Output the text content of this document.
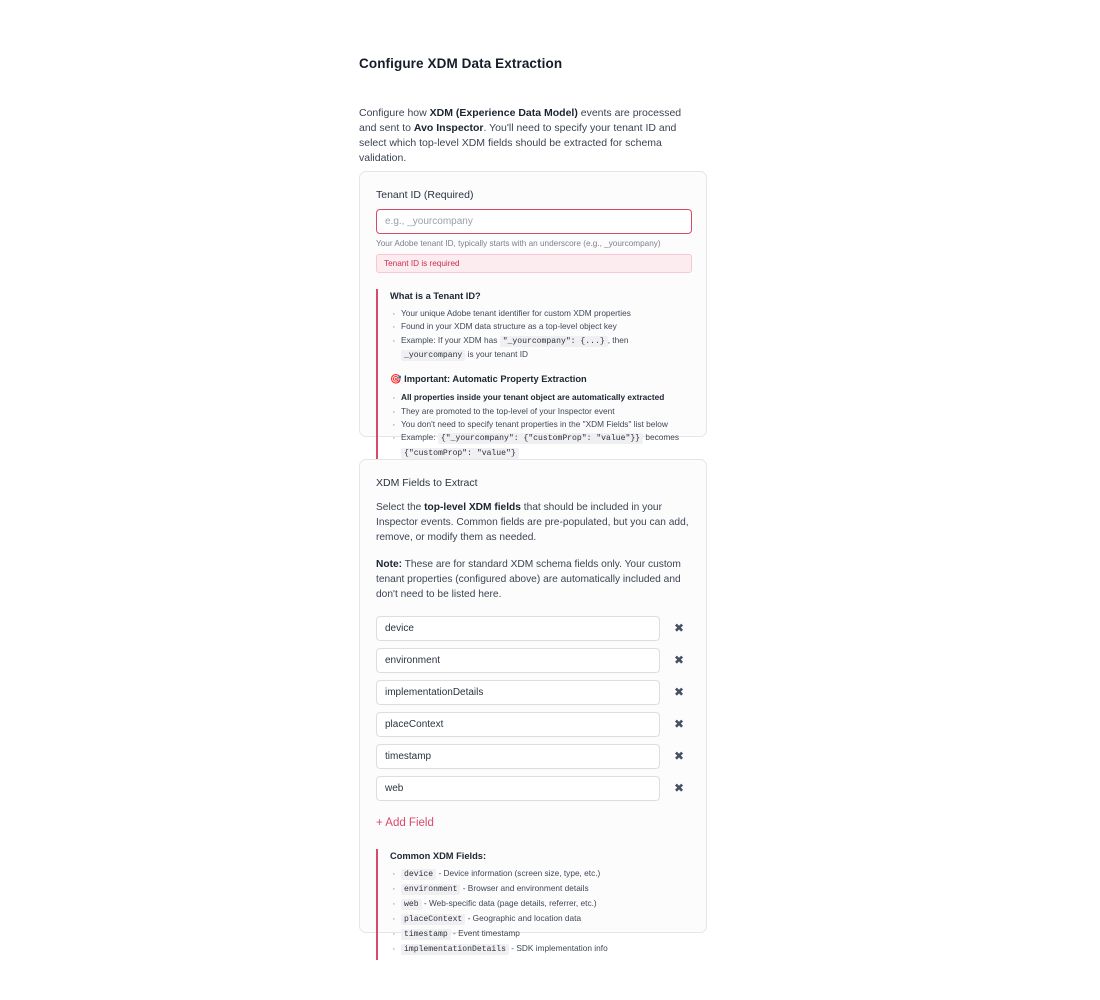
Configure XDM Data Extraction

Configure how XDM (Experience Data Model) events are processed and sent to Avo Inspector. You'll need to specify your tenant ID and select which top-level XDM fields should be extracted for schema validation.

Tenant ID (Required)
e.g., _yourcompany
Your Adobe tenant ID, typically starts with an underscore (e.g., _yourcompany)
Tenant ID is required
What is a Tenant ID?
· Your unique Adobe tenant identifier for custom XDM properties
· Found in your XDM data structure as a top-level object key
· Example: If your XDM has "_yourcompany": {...} , then _yourcompany is your tenant ID
🎯 Important: Automatic Property Extraction
· All properties inside your tenant object are automatically extracted
· They are promoted to the top-level of your Inspector event
· You don't need to specify tenant properties in the "XDM Fields" list below
· Example: {"_yourcompany": {"customProp": "value"}} becomes {"customProp": "value"}
XDM Fields to Extract

Select the top-level XDM fields that should be included in your Inspector events. Common fields are pre-populated, but you can add, remove, or modify them as needed.

Note: These are for standard XDM schema fields only. Your custom tenant properties (configured above) are automatically included and don't need to be listed here.

device
✖
environment
✖
implementationDetails
✖
placeContext
✖
timestamp
✖
web
✖
+ Add Field
Common XDM Fields:
· device - Device information (screen size, type, etc.)
· environment - Browser and environment details
· web - Web-specific data (page details, referrer, etc.)
· placeContext - Geographic and location data
· timestamp - Event timestamp
· implementationDetails - SDK implementation info
